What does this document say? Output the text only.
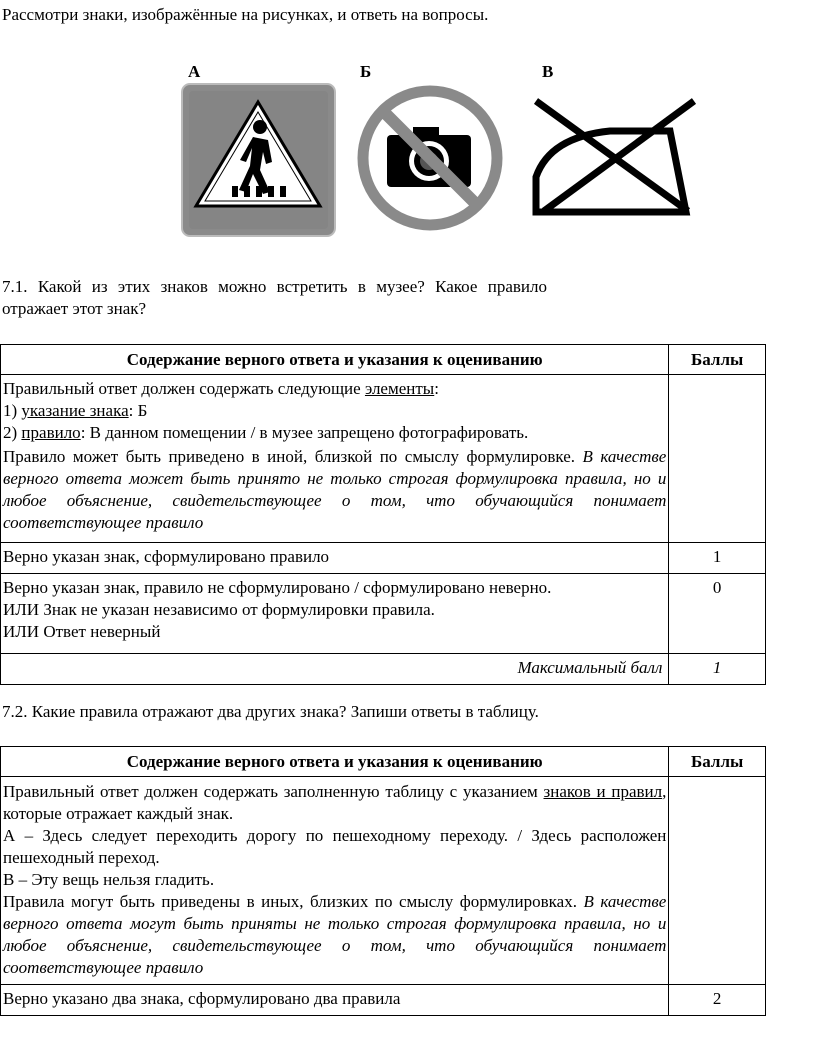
Рассмотри знаки, изображённые на рисунках, и ответь на вопросы.
А	Б	В
7.1. Какой из этих знаков можно встретить в музее? Какое правило отражает этот знак?
Содержание верного ответа и указания к оцениванию	Баллы

Правильный ответ должен содержать следующие элементы:

1) указание знака: Б

2) правило: В данном помещении / в музее запрещено фотографировать.

Правило может быть приведено в иной, близкой по смыслу формулировке. В качестве верного ответа может быть принято не только строгая формулировка правила, но и любое объяснение, свидетельствующее о том, что обучающийся понимает соответствующее правило	

Верно указан знак, сформулировано правило	1

Верно указан знак, правило не сформулировано / сформулировано неверно.

ИЛИ Знак не указан независимо от формулировки правила.

ИЛИ Ответ неверный	0
Максимальный балл	1
7.2. Какие правила отражают два других знака? Запиши ответы в таблицу.
Содержание верного ответа и указания к оцениванию	Баллы

Правильный ответ должен содержать заполненную таблицу с указанием знаков и правил, которые отражает каждый знак.

А – Здесь следует переходить дорогу по пешеходному переходу. / Здесь расположен пешеходный переход.

В – Эту вещь нельзя гладить.

Правила могут быть приведены в иных, близких по смыслу формулировках. В качестве верного ответа могут быть приняты не только строгая формулировка правила, но и любое объяснение, свидетельствующее о том, что обучающийся понимает соответствующее правило	

Верно указано два знака, сформулировано два правила	2
